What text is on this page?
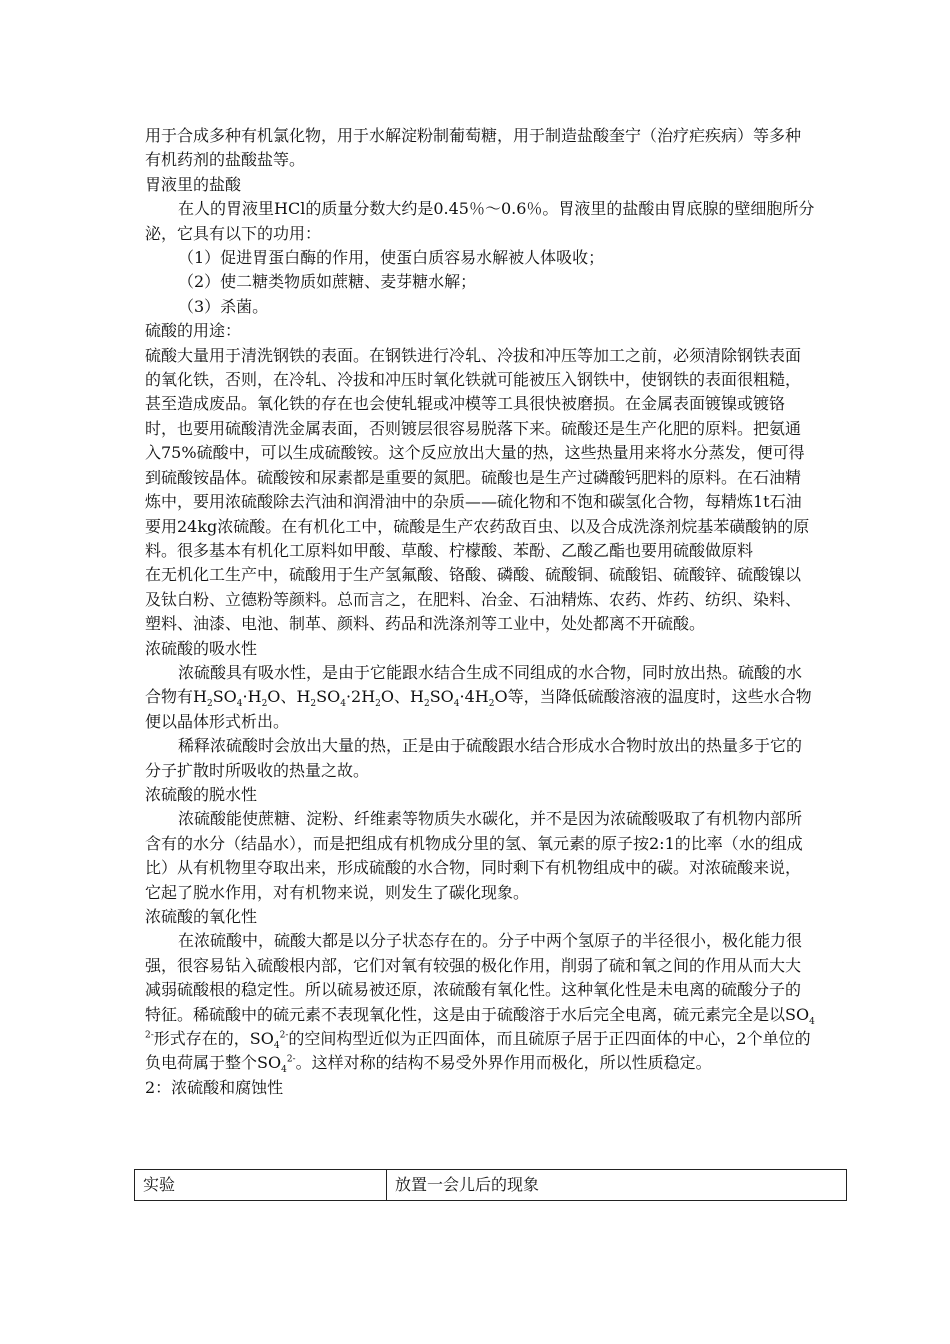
用于合成多种有机氯化物，用于水解淀粉制葡萄糖，用于制造盐酸奎宁（治疗疟疾病）等多种有机药剂的盐酸盐等。

胃液里的盐酸

在人的胃液里HCl的质量分数大约是0.45％～0.6％。胃液里的盐酸由胃底腺的壁细胞所分泌，它具有以下的功用：

（1）促进胃蛋白酶的作用，使蛋白质容易水解被人体吸收；

（2）使二糖类物质如蔗糖、麦芽糖水解；

（3）杀菌。

硫酸的用途：

硫酸大量用于清洗钢铁的表面。在钢铁进行冷轧、冷拔和冲压等加工之前，必须清除钢铁表面的氧化铁，否则，在冷轧、冷拔和冲压时氧化铁就可能被压入钢铁中，使钢铁的表面很粗糙，甚至造成废品。氧化铁的存在也会使轧辊或冲模等工具很快被磨损。在金属表面镀镍或镀铬时，也要用硫酸清洗金属表面，否则镀层很容易脱落下来。硫酸还是生产化肥的原料。把氨通入75%硫酸中，可以生成硫酸铵。这个反应放出大量的热，这些热量用来将水分蒸发，便可得到硫酸铵晶体。硫酸铵和尿素都是重要的氮肥。硫酸也是生产过磷酸钙肥料的原料。在石油精炼中，要用浓硫酸除去汽油和润滑油中的杂质——硫化物和不饱和碳氢化合物，每精炼1t石油要用24kg浓硫酸。在有机化工中，硫酸是生产农药敌百虫、以及合成洗涤剂烷基苯磺酸钠的原料。很多基本有机化工原料如甲酸、草酸、柠檬酸、苯酚、乙酸乙酯也要用硫酸做原料

在无机化工生产中，硫酸用于生产氢氟酸、铬酸、磷酸、硫酸铜、硫酸铝、硫酸锌、硫酸镍以及钛白粉、立德粉等颜料。总而言之，在肥料、冶金、石油精炼、农药、炸药、纺织、染料、塑料、油漆、电池、制革、颜料、药品和洗涤剂等工业中，处处都离不开硫酸。

浓硫酸的吸水性

浓硫酸具有吸水性，是由于它能跟水结合生成不同组成的水合物，同时放出热。硫酸的水合物有$H_2SO_4\cdot H_2O$、$H_2SO_4\cdot 2H_2O$、$H_2SO_4\cdot 4H_2O$等，当降低硫酸溶液的温度时，这些水合物便以晶体形式析出。

稀释浓硫酸时会放出大量的热，正是由于硫酸跟水结合形成水合物时放出的热量多于它的分子扩散时所吸收的热量之故。

浓硫酸的脱水性

浓硫酸能使蔗糖、淀粉、纤维素等物质失水碳化，并不是因为浓硫酸吸取了有机物内部所含有的水分（结晶水），而是把组成有机物成分里的氢、氧元素的原子按2:1的比率（水的组成比）从有机物里夺取出来，形成硫酸的水合物，同时剩下有机物组成中的碳。对浓硫酸来说，它起了脱水作用，对有机物来说，则发生了碳化现象。

浓硫酸的氧化性

在浓硫酸中，硫酸大都是以分子状态存在的。分子中两个氢原子的半径很小，极化能力很强，很容易钻入硫酸根内部，它们对氧有较强的极化作用，削弱了硫和氧之间的作用从而大大减弱硫酸根的稳定性。所以硫易被还原，浓硫酸有氧化性。这种氧化性是未电离的硫酸分子的特征。稀硫酸中的硫元素不表现氧化性，这是由于硫酸溶于水后完全电离，硫元素完全是以$SO_4^{2-}$形式存在的，$SO_4^{2-}$的空间构型近似为正四面体，而且硫原子居于正四面体的中心，2个单位的负电荷属于整个$SO_4^{2-}$。这样对称的结构不易受外界作用而极化，所以性质稳定。

2：浓硫酸和腐蚀性

实验	放置一会儿后的现象
